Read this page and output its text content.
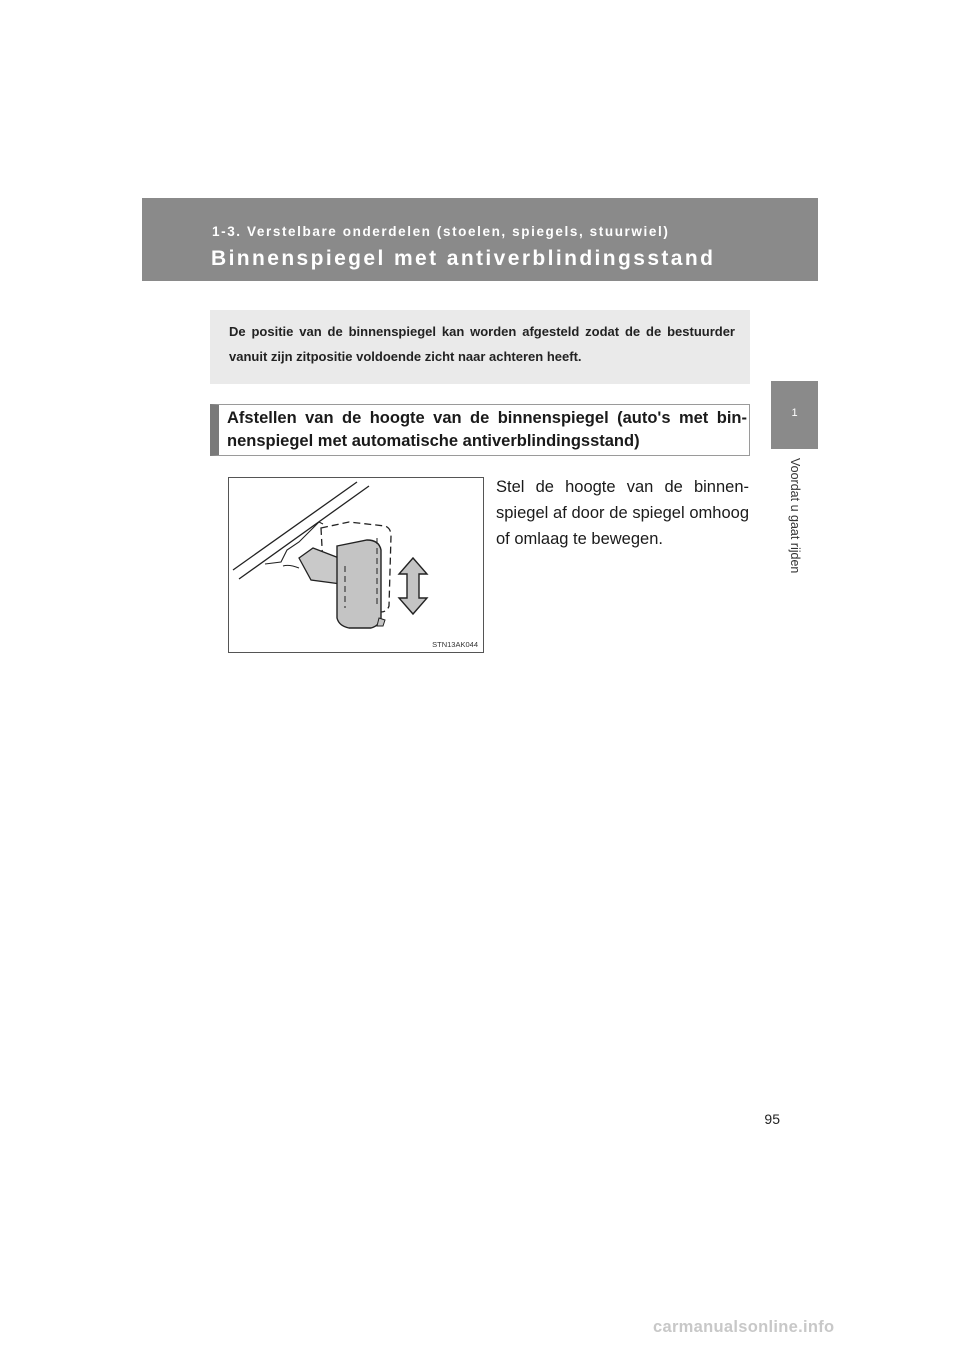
1-3. Verstelbare onderdelen (stoelen, spiegels, stuurwiel)
Binnenspiegel met antiverblindingsstand
1
Voordat u gaat rijden

De positie van de binnenspiegel kan worden afgesteld zodat de de bestuurder vanuit zijn zitpositie voldoende zicht naar achteren heeft.

Afstellen van de hoogte van de binnenspiegel (auto's met bin-nenspiegel met automatische antiverblindingsstand)

STN13AK044

Stel de hoogte van de binnen-spiegel af door de spiegel omhoog of omlaag te bewegen.

95
carmanualsonline.info
